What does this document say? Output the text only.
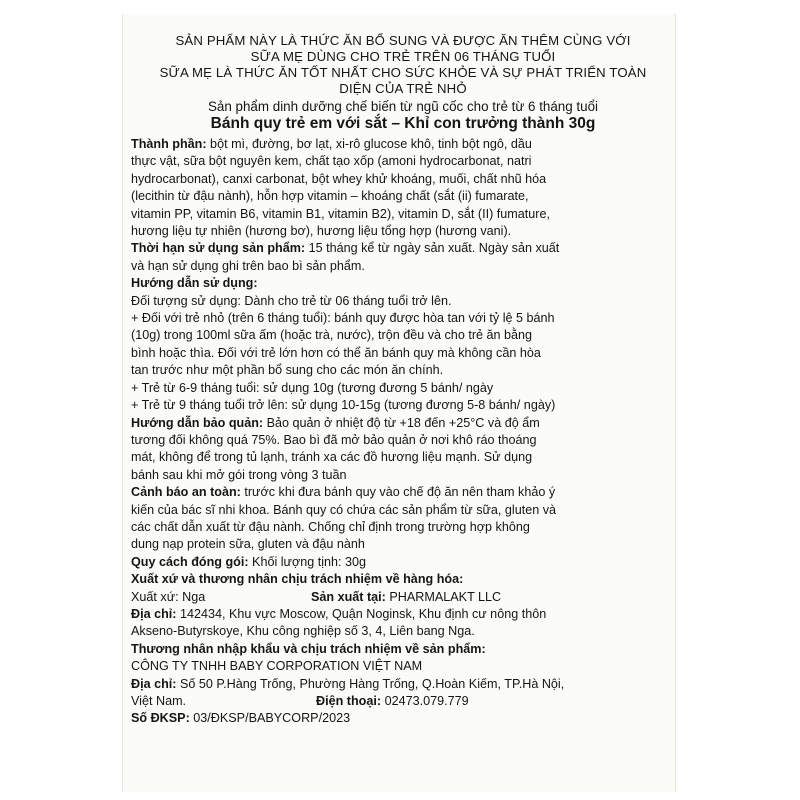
SẢN PHẨM NÀY LÀ THỨC ĂN BỔ SUNG VÀ ĐƯỢC ĂN THÊM CÙNG VỚI
SỮA MẸ DÙNG CHO TRẺ TRÊN 06 THÁNG TUỔI
SỮA MẸ LÀ THỨC ĂN TỐT NHẤT CHO SỨC KHỎE VÀ SỰ PHÁT TRIỂN TOÀN
DIỆN CỦA TRẺ NHỎ
Sản phẩm dinh dưỡng chế biến từ ngũ cốc cho trẻ từ 6 tháng tuổi
Bánh quy trẻ em với sắt – Khỉ con trưởng thành 30g

Thành phần: bột mì, đường, bơ lạt, xi-rô glucose khô, tinh bột ngô, dầu

thực vật, sữa bột nguyên kem, chất tạo xốp (amoni hydrocarbonat, natri

hydrocarbonat), canxi carbonat, bột whey khử khoáng, muối, chất nhũ hóa

(lecithin từ đậu nành), hỗn hợp vitamin – khoáng chất (sắt (ii) fumarate,

vitamin PP, vitamin B6, vitamin B1, vitamin B2), vitamin D, sắt (II) fumature,

hương liệu tự nhiên (hương bơ), hương liệu tổng hợp (hương vani).

Thời hạn sử dụng sản phẩm: 15 tháng kể từ ngày sản xuất. Ngày sản xuất

và hạn sử dụng ghi trên bao bì sản phẩm.

Hướng dẫn sử dụng:

Đối tượng sử dụng: Dành cho trẻ từ 06 tháng tuổi trở lên.

+ Đối với trẻ nhỏ (trên 6 tháng tuổi): bánh quy được hòa tan với tỷ lệ 5 bánh

(10g) trong 100ml sữa ấm (hoặc trà, nước), trộn đều và cho trẻ ăn bằng

bình hoặc thìa. Đối với trẻ lớn hơn có thể ăn bánh quy mà không cần hòa

tan trước như một phần bổ sung cho các món ăn chính.

+ Trẻ từ 6-9 tháng tuổi: sử dụng 10g (tương đương 5 bánh/ ngày

+ Trẻ từ 9 tháng tuổi trở lên: sử dụng 10-15g (tương đương 5-8 bánh/ ngày)

Hướng dẫn bảo quản: Bảo quản ở nhiệt độ từ +18 đến +25°C và độ ẩm

tương đối không quá 75%. Bao bì đã mở bảo quản ở nơi khô ráo thoáng

mát, không để trong tủ lạnh, tránh xa các đồ hương liệu mạnh. Sử dụng

bánh sau khi mở gói trong vòng 3 tuần

Cảnh báo an toàn: trước khi đưa bánh quy vào chế độ ăn nên tham khảo ý

kiến của bác sĩ nhi khoa. Bánh quy có chứa các sản phẩm từ sữa, gluten và

các chất dẫn xuất từ đậu nành. Chống chỉ định trong trường hợp không

dung nạp protein sữa, gluten và đậu nành

Quy cách đóng gói: Khối lượng tịnh: 30g

Xuất xứ và thương nhân chịu trách nhiệm về hàng hóa:

Xuất xứ: Nga	Sản xuất tại: PHARMALAKT LLC

Địa chỉ: 142434, Khu vực Moscow, Quận Noginsk, Khu định cư nông thôn

Akseno-Butyrskoye, Khu công nghiệp số 3, 4, Liên bang Nga.

Thương nhân nhập khẩu và chịu trách nhiệm về sản phẩm:

CÔNG TY TNHH BABY CORPORATION VIỆT NAM

Địa chỉ: Số 50 P.Hàng Trống, Phường Hàng Trống, Q.Hoàn Kiếm, TP.Hà Nội,

Việt Nam.	Điện thoại: 02473.079.779

Số ĐKSP: 03/ĐKSP/BABYCORP/2023
